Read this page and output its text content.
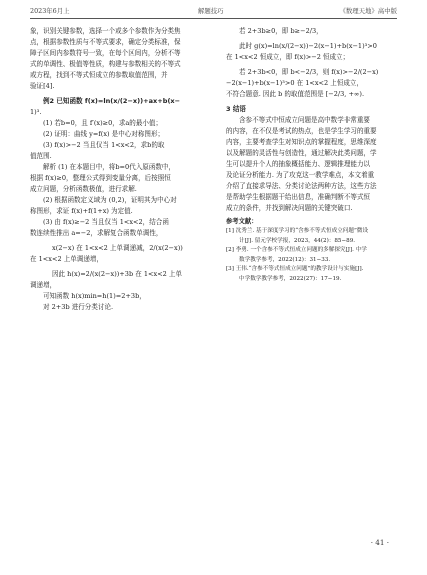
2023年6月上	解题技巧	《数理天地》高中版
象，识别关键参数，选择一个或多个参数作为分类焦
点，根据参数性质与不等式要求，确定分类标准，保
障子区间内参数符号一致，在每个区间内，分析不等
式的单调性、极值等性质，构建与参数相关的不等式
或方程，找到不等式恒成立的参数取值范围，并
验证[4].
例2 已知函数 f(x)=ln(x/(2−x))+ax+b(x−
1)³.
(1) 若b=0，且 f′(x)≥0，求a的最小值；
(2) 证明：曲线 y=f(x) 是中心对称图形；
(3) f(x)>−2 当且仅当 1<x<2，求b的取
值范围.
解析 (1) 在本题目中，将b=0代入原函数中，
根据 f(x)≥0，整理公式得到变量分离，后按照恒
成立问题，分析函数极值，进行求解.
(2) 根据函数定义域为 (0,2)，证明其为中心对
称图形，求证 f(x)+f(1+x) 为定值.
(3) 由 f(x)≥−2 当且仅当 1<x<2，结合函
数连续性推出 a=−2，求解复合函数单调性，
x(2−x) 在 1<x<2 上单调递减，2/(x(2−x))
在 1<x<2 上单调递增，
因此 h(x)=2/(x(2−x))+3b 在 1<x<2 上单
调递增，
可知函数 h(x)min=h(1)=2+3b，
对 2+3b 进行分类讨论.
若 2+3b≥0，即 b≥−2/3，
此时 g(x)=ln(x/(2−x))−2(x−1)+b(x−1)³>0
在 1<x<2 恒成立，即 f(x)>−2 恒成立；
若 2+3b<0，即 b<−2/3，则 f(x)>−2/(2−x)
−2(x−1)+b(x−1)³>0 在 1<x<2 上恒成立，
不符合题意. 因此 b 的取值范围是 [−2/3, +∞).
3 结语
含参不等式中恒成立问题是高中数学非常重要
的内容，在不仅是考试的热点，也是学生学习的重要
内容，主要考查学生对知识点的掌握程度，思维深度
以及解题的灵活性与创造性，通过解决此类问题，学
生可以提升个人的抽象概括能力、逻辑推理能力以
及论证分析能力. 为了攻克这一教学难点，本文着重
介绍了直接求导法、分类讨论法两种方法，这些方法
是帮助学生根据题干给出信息，准确判断不等式恒
成立的条件，并找到解决问题的关键突破口.
参考文献：
[1] 沈秀兰. 基于深度学习的“含参不等式恒成立问题”微设
计[J]. 留元学校学报，2023，44(2)：85−89.
[2] 李勇. 一个含参不等式恒成立问题的多解探究[J]. 中学
数学教学参考，2022(12)：31−33.
[3] 王伟.“含参不等式恒成立问题”的教学设计与实施[J].
中学数学教学参考，2022(27)：17−19.
· 41 ·
